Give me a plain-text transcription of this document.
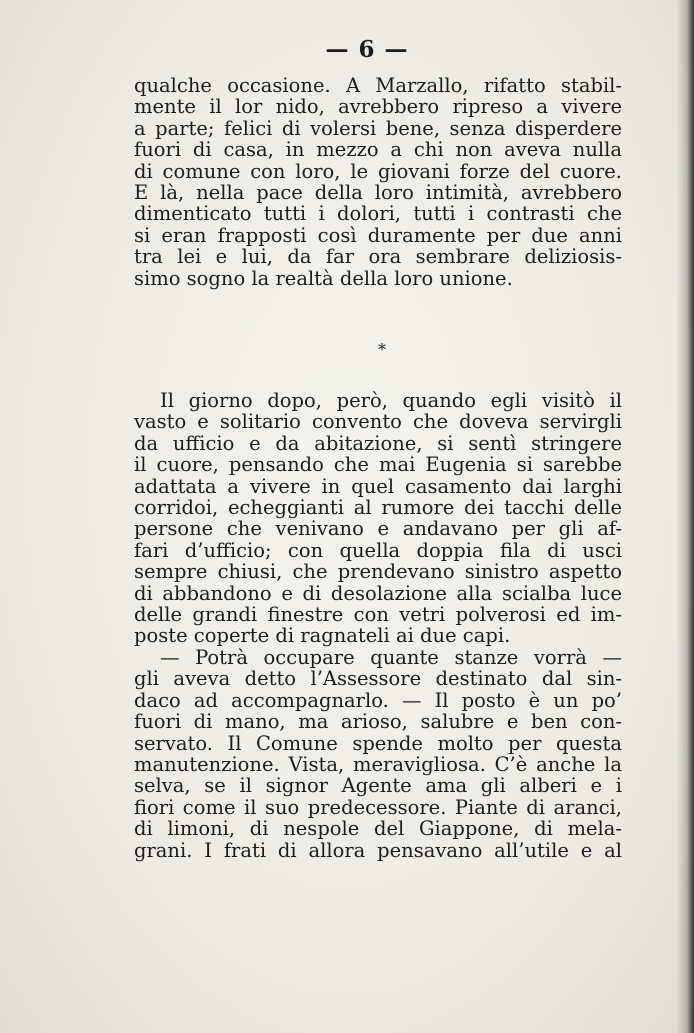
— 6 —
qualche occasione. A Marzallo, rifatto stabil-
mente il lor nido, avrebbero ripreso a vivere
a parte; felici di volersi bene, senza disperdere
fuori di casa, in mezzo a chi non aveva nulla
di comune con loro, le giovani forze del cuore.
E là, nella pace della loro intimità, avrebbero
dimenticato tutti i dolori, tutti i contrasti che
si eran frapposti così duramente per due anni
tra lei e lui, da far ora sembrare deliziosis-
simo sogno la realtà della loro unione.
*
Il giorno dopo, però, quando egli visitò il
vasto e solitario convento che doveva servirgli
da ufficio e da abitazione, si sentì stringere
il cuore, pensando che mai Eugenia si sarebbe
adattata a vivere in quel casamento dai larghi
corridoi, echeggianti al rumore dei tacchi delle
persone che venivano e andavano per gli af-
fari d’ufficio; con quella doppia fila di usci
sempre chiusi, che prendevano sinistro aspetto
di abbandono e di desolazione alla scialba luce
delle grandi finestre con vetri polverosi ed im-
poste coperte di ragnateli ai due capi.
— Potrà occupare quante stanze vorrà —
gli aveva detto l’Assessore destinato dal sin-
daco ad accompagnarlo. — Il posto è un po’
fuori di mano, ma arioso, salubre e ben con-
servato. Il Comune spende molto per questa
manutenzione. Vista, meravigliosa. C’è anche la
selva, se il signor Agente ama gli alberi e i
fiori come il suo predecessore. Piante di aranci,
di limoni, di nespole del Giappone, di mela-
grani. I frati di allora pensavano all’utile e al
